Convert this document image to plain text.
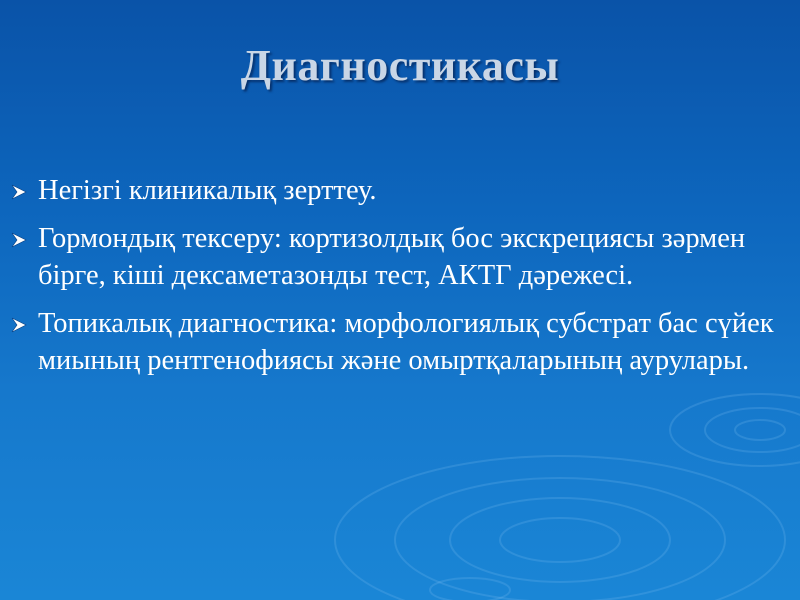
Диагностикасы
Негізгі клиникалық зерттеу.
Гормондық тексеру: кортизолдық бос экскрециясы зәрмен бірге, кіші дексаметазонды тест, АКТГ дәрежесі.
Топикалық диагностика: морфологиялық субстрат бас сүйек миының рентгенофиясы және омыртқаларының аурулары.
